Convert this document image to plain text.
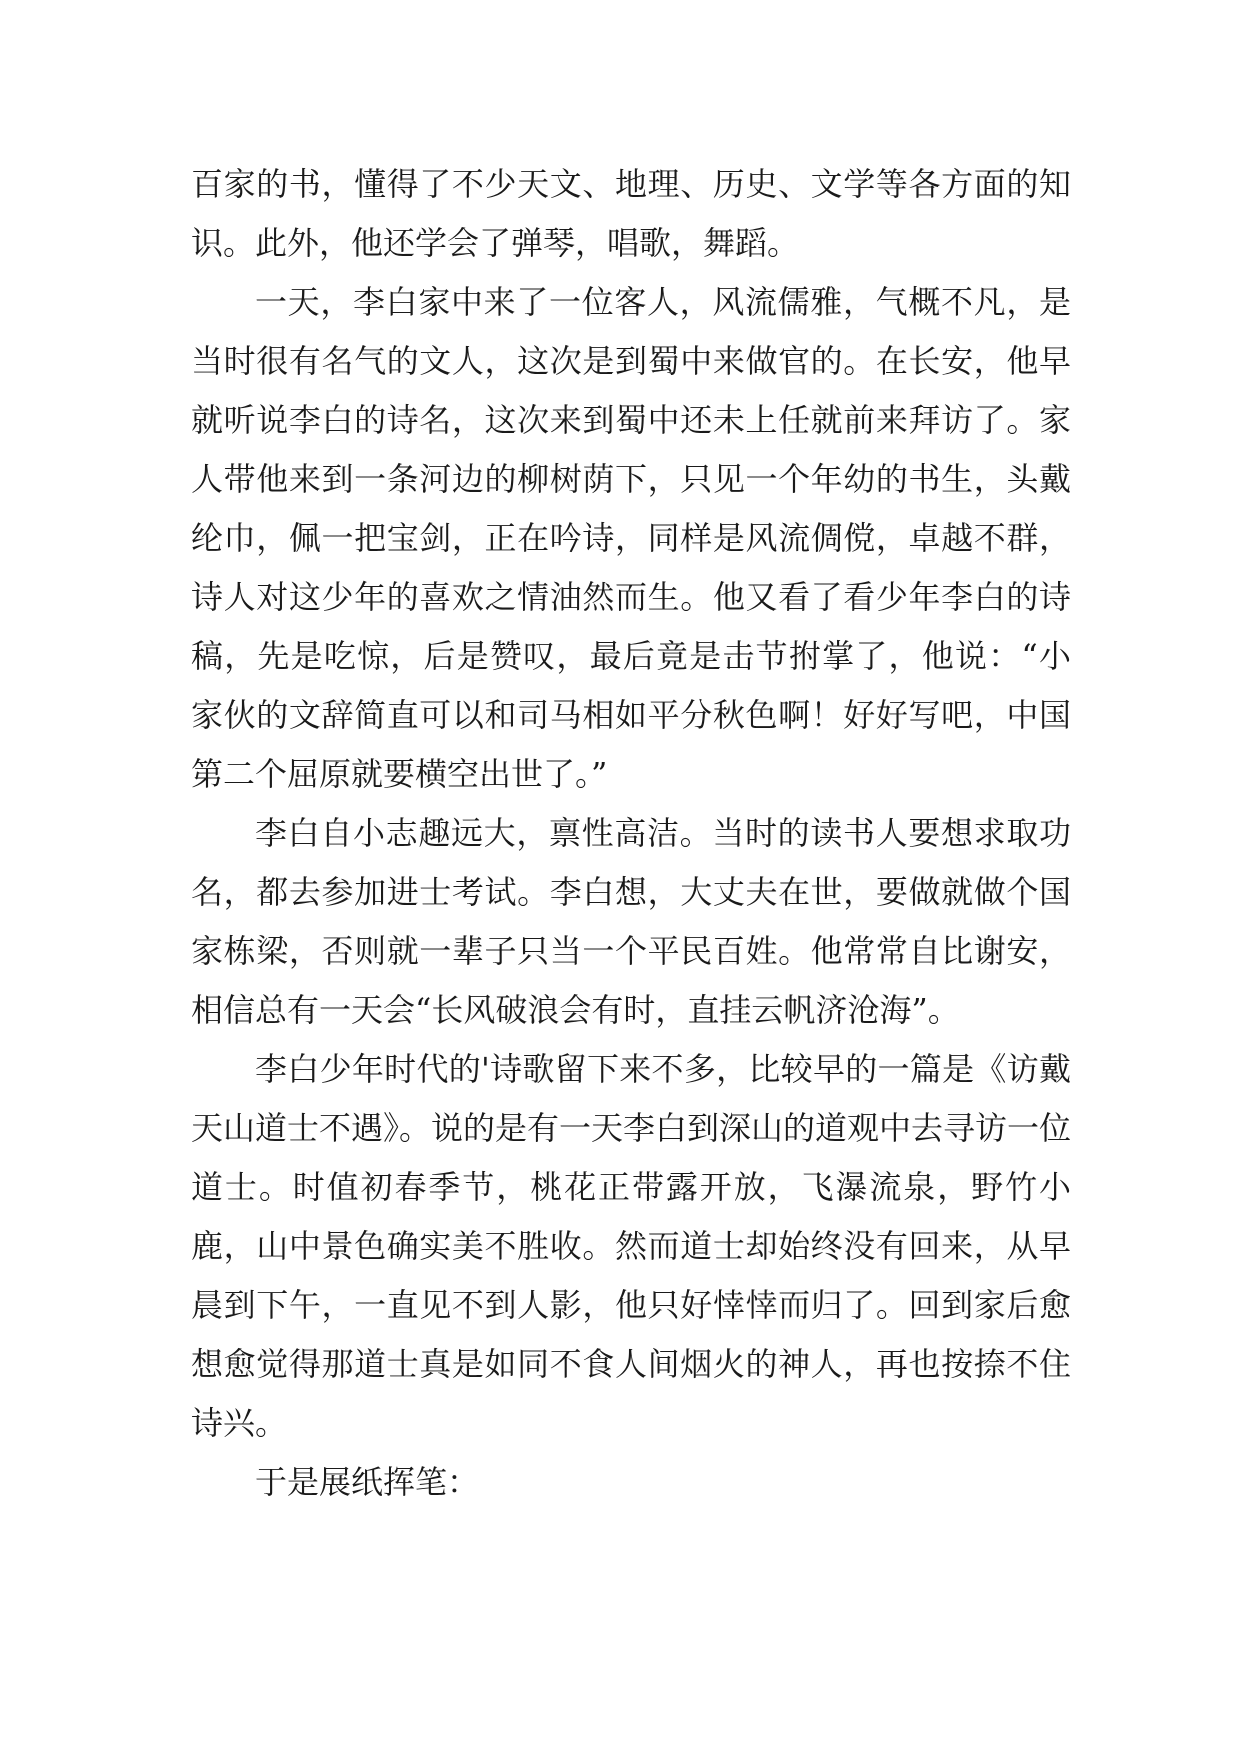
百家的书，懂得了不少天文、地理、历史、文学等各方面的知识。此外，他还学会了弹琴，唱歌，舞蹈。

一天，李白家中来了一位客人，风流儒雅，气概不凡，是当时很有名气的文人，这次是到蜀中来做官的。在长安，他早就听说李白的诗名，这次来到蜀中还未上任就前来拜访了。家人带他来到一条河边的柳树荫下，只见一个年幼的书生，头戴纶巾，佩一把宝剑，正在吟诗，同样是风流倜傥，卓越不群，诗人对这少年的喜欢之情油然而生。他又看了看少年李白的诗稿，先是吃惊，后是赞叹，最后竟是击节拊掌了，他说：“小家伙的文辞简直可以和司马相如平分秋色啊！好好写吧，中国第二个屈原就要横空出世了。”

李白自小志趣远大，禀性高洁。当时的读书人要想求取功名，都去参加进士考试。李白想，大丈夫在世，要做就做个国家栋梁，否则就一辈子只当一个平民百姓。他常常自比谢安，相信总有一天会“长风破浪会有时，直挂云帆济沧海”。

李白少年时代的'诗歌留下来不多，比较早的一篇是《访戴天山道士不遇》。说的是有一天李白到深山的道观中去寻访一位道士。时值初春季节，桃花正带露开放，飞瀑流泉，野竹小鹿，山中景色确实美不胜收。然而道士却始终没有回来，从早晨到下午，一直见不到人影，他只好悻悻而归了。回到家后愈想愈觉得那道士真是如同不食人间烟火的神人，再也按捺不住诗兴。

于是展纸挥笔：
